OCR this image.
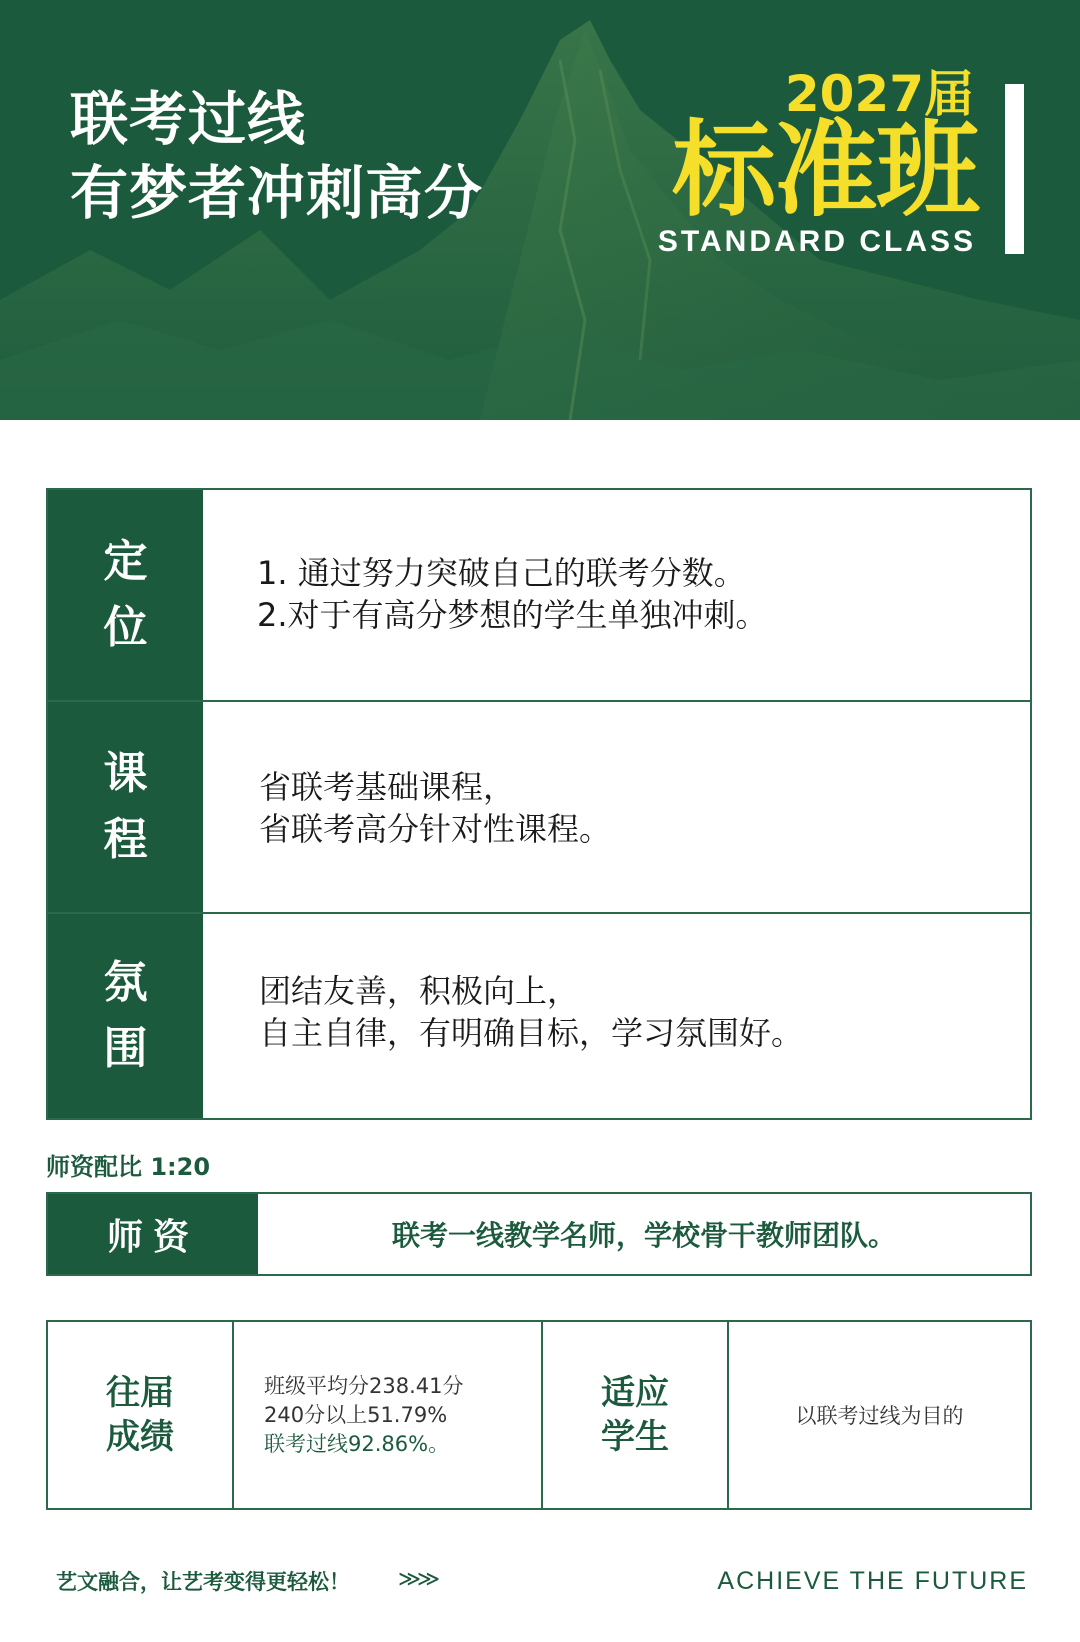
联考过线
有梦者冲刺高分
2027届
标准班
STANDARD CLASS
定
位
1. 通过努力突破自己的联考分数。
2.对于有高分梦想的学生单独冲刺。
课
程
省联考基础课程，
省联考高分针对性课程。
氛
围
团结友善，积极向上，
自主自律，有明确目标，学习氛围好。
师资配比 1:20
师资	联考一线教学名师，学校骨干教师团队。
往届
成绩
班级平均分238.41分
240分以上51.79%
联考过线92.86%。
适应
学生
以联考过线为目的
艺文融合，让艺考变得更轻松！ ≫≫	ACHIEVE THE FUTURE
